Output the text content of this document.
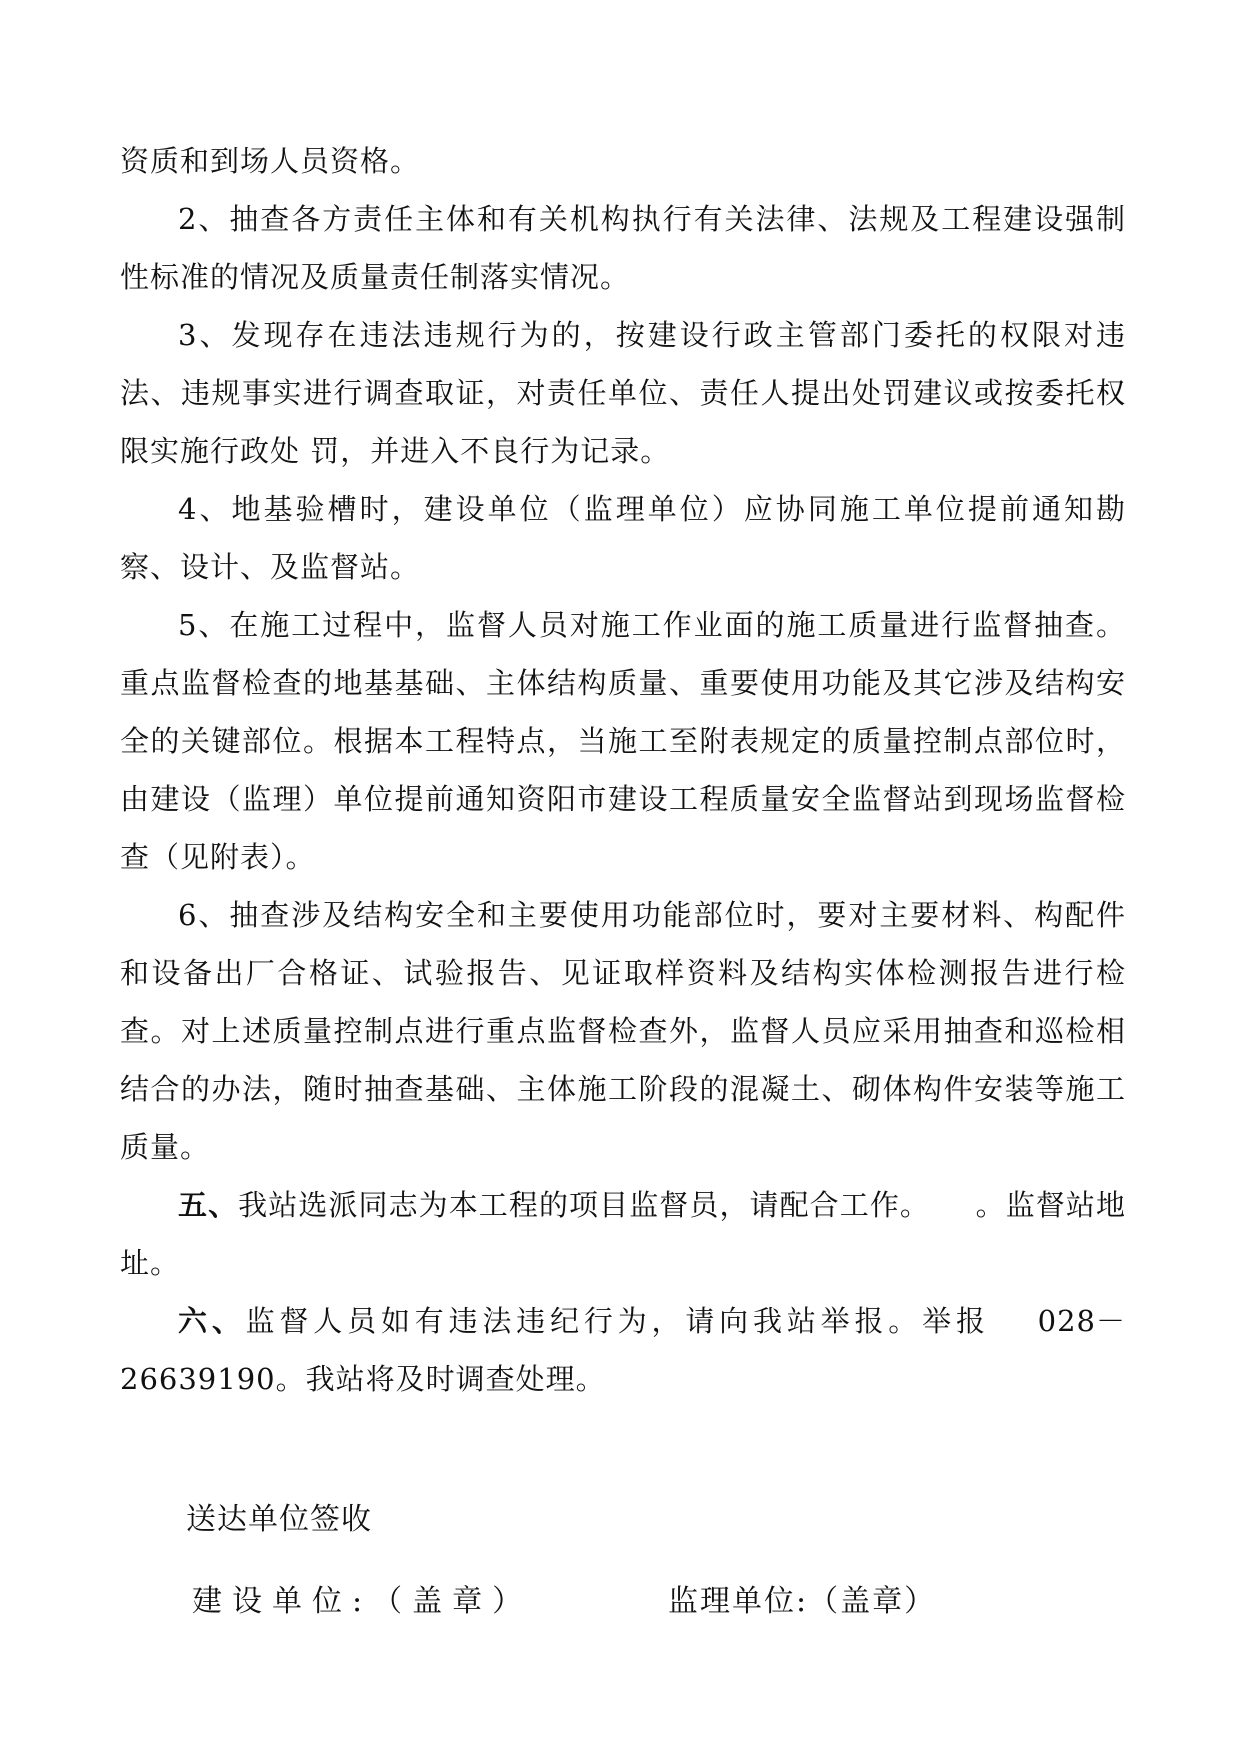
资质和到场人员资格。

2、抽查各方责任主体和有关机构执行有关法律、法规及工程建设强制性标准的情况及质量责任制落实情况。

3、发现存在违法违规行为的，按建设行政主管部门委托的权限对违法、违规事实进行调查取证，对责任单位、责任人提出处罚建议或按委托权限实施行政处 罚，并进入不良行为记录。

4、地基验槽时，建设单位（监理单位）应协同施工单位提前通知勘察、设计、及监督站。

5、在施工过程中，监督人员对施工作业面的施工质量进行监督抽查。重点监督检查的地基基础、主体结构质量、重要使用功能及其它涉及结构安全的关键部位。根据本工程特点，当施工至附表规定的质量控制点部位时，由建设（监理）单位提前通知资阳市建设工程质量安全监督站到现场监督检查（见附表）。

6、抽查涉及结构安全和主要使用功能部位时，要对主要材料、构配件和设备出厂合格证、试验报告、见证取样资料及结构实体检测报告进行检查。对上述质量控制点进行重点监督检查外，监督人员应采用抽查和巡检相结合的办法，随时抽查基础、主体施工阶段的混凝土、砌体构件安装等施工质量。

五、我站选派同志为本工程的项目监督员，请配合工作。　　。监督站地址。

六、监督人员如有违法违纪行为，请向我站举报。举报　 028－26639190。我站将及时调查处理。

送达单位签收
建设单位:（盖章）	监理单位:（盖章）
